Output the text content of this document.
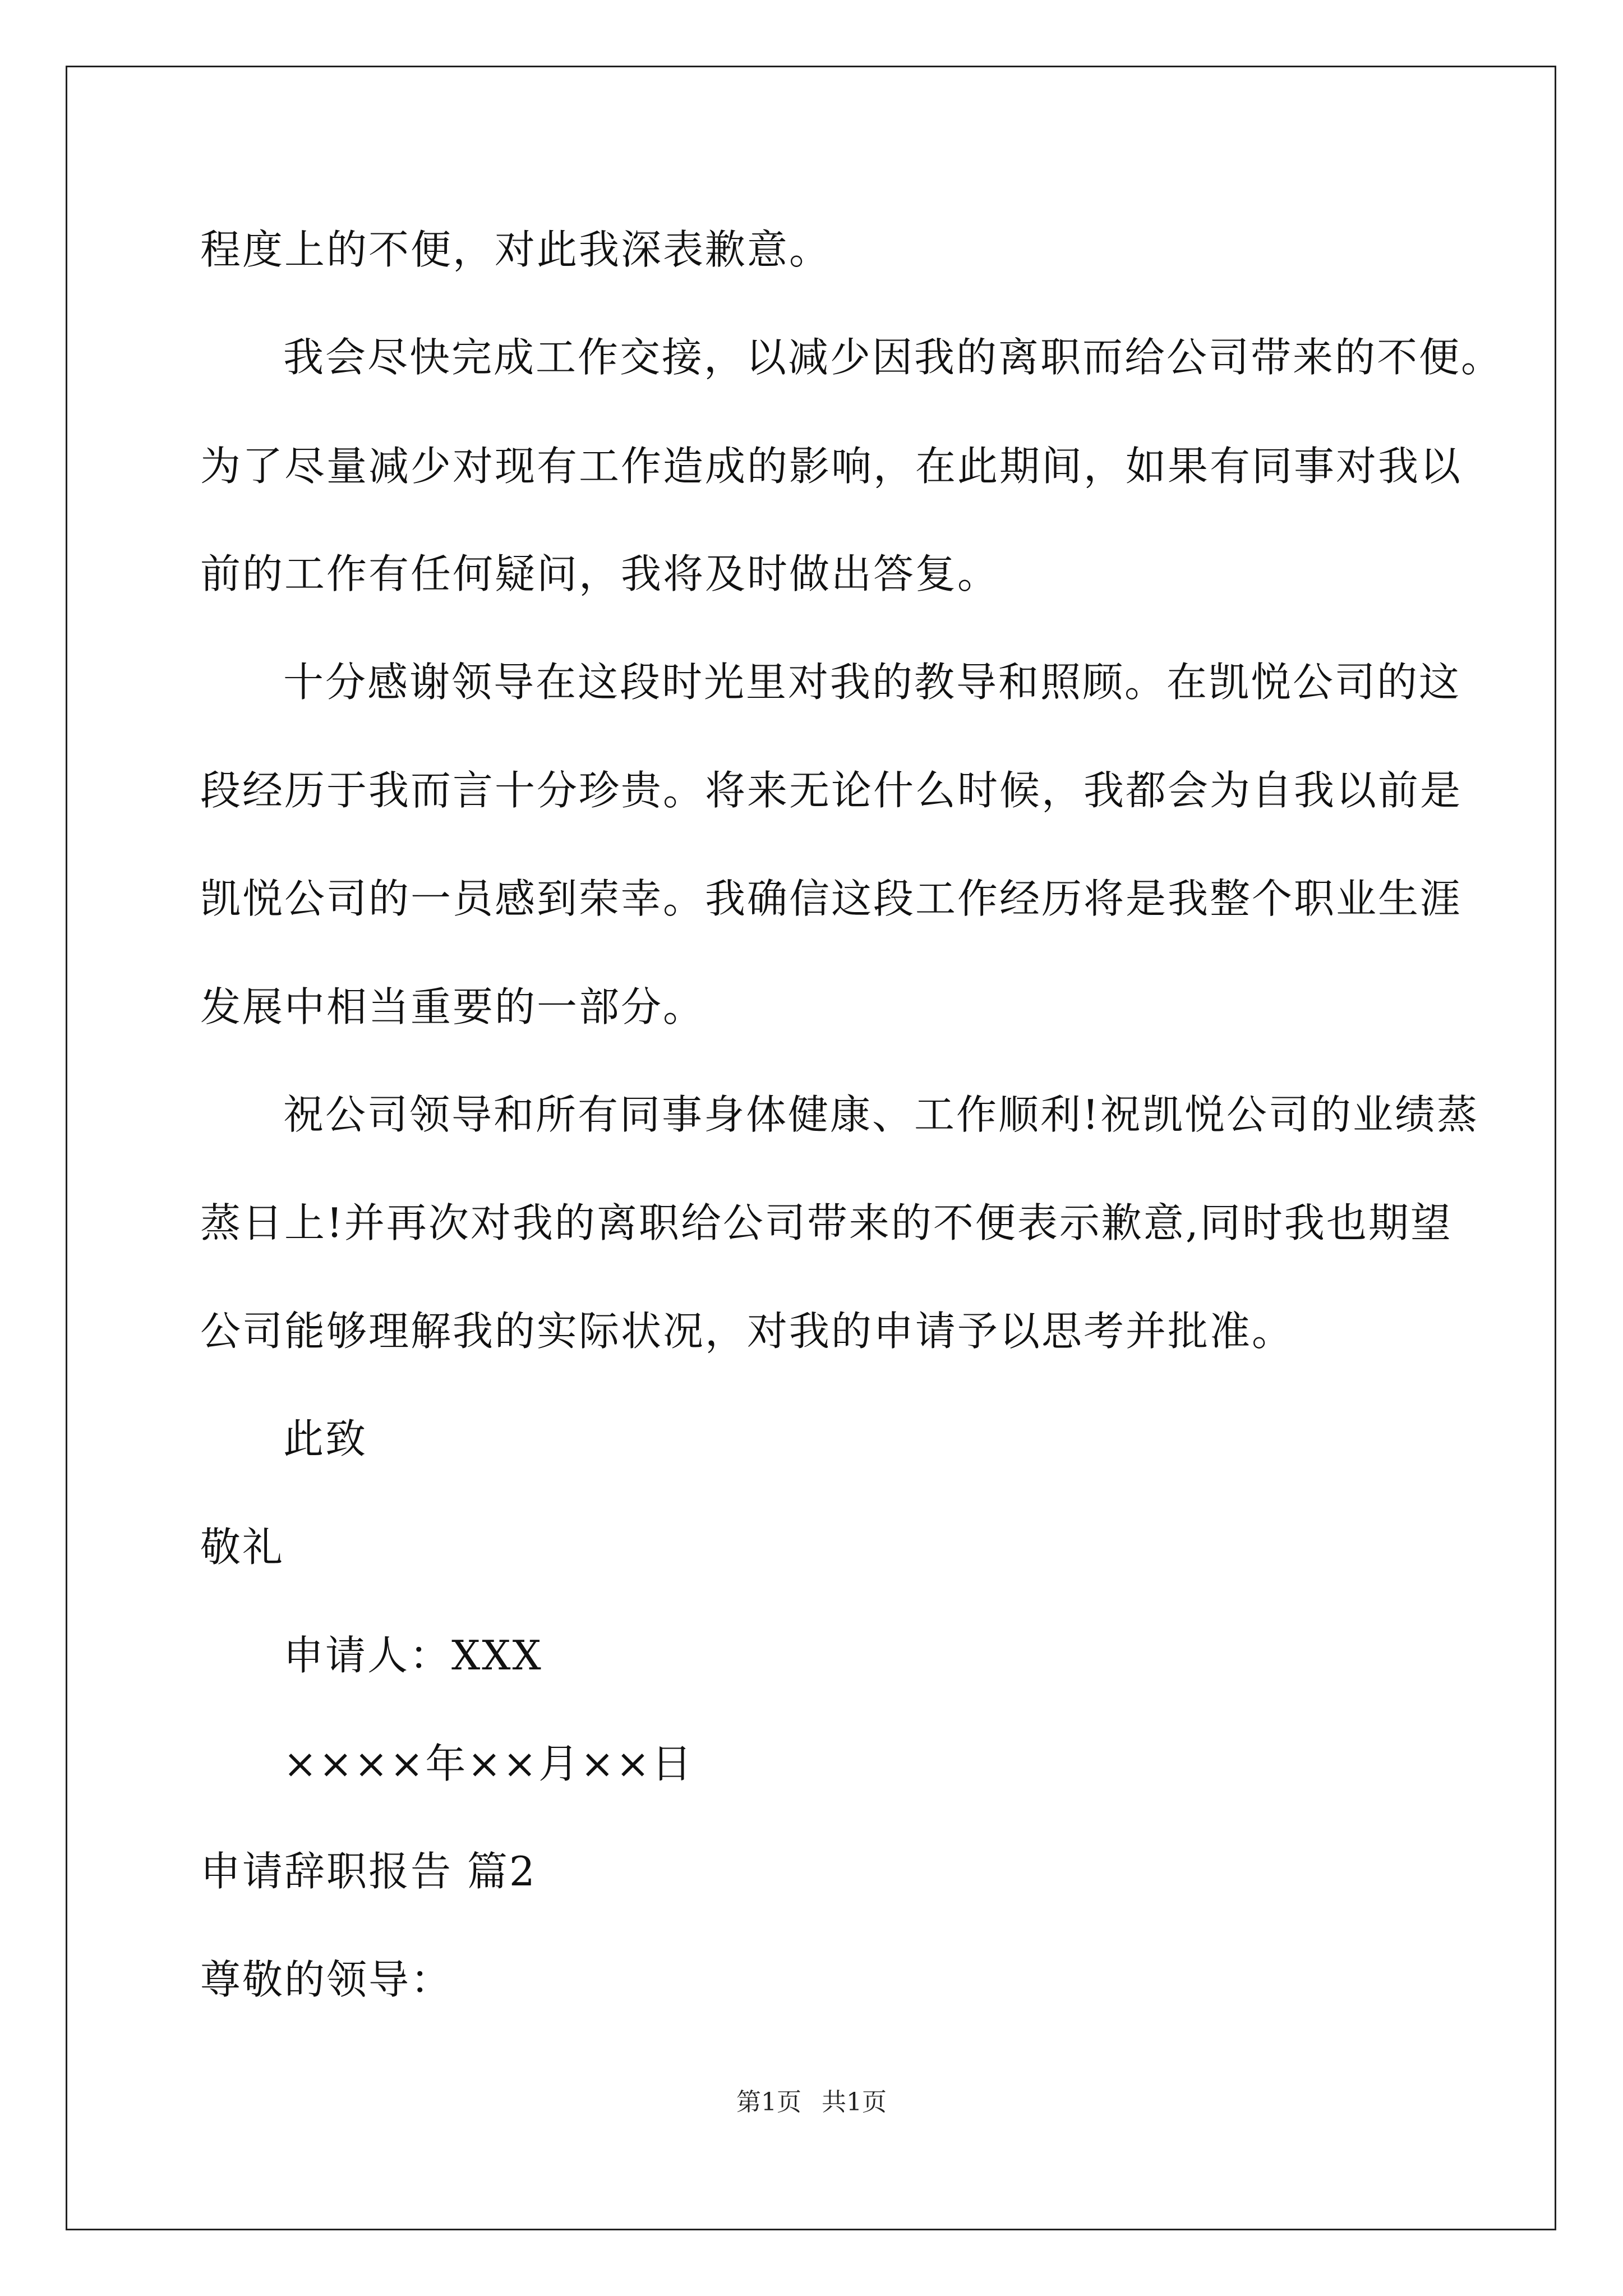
程度上的不便，对此我深表歉意。
我会尽快完成工作交接，以减少因我的离职而给公司带来的不便。
为了尽量减少对现有工作造成的影响，在此期间，如果有同事对我以
前的工作有任何疑问，我将及时做出答复。
十分感谢领导在这段时光里对我的教导和照顾。在凯悦公司的这
段经历于我而言十分珍贵。将来无论什么时候，我都会为自我以前是
凯悦公司的一员感到荣幸。我确信这段工作经历将是我整个职业生涯
发展中相当重要的一部分。
祝公司领导和所有同事身体健康、工作顺利!祝凯悦公司的业绩蒸
蒸日上!并再次对我的离职给公司带来的不便表示歉意,同时我也期望
公司能够理解我的实际状况，对我的申请予以思考并批准。
此致
敬礼
申请人：XXX
××××年××月××日
申请辞职报告 篇2
尊敬的领导：
第1页 共1页
